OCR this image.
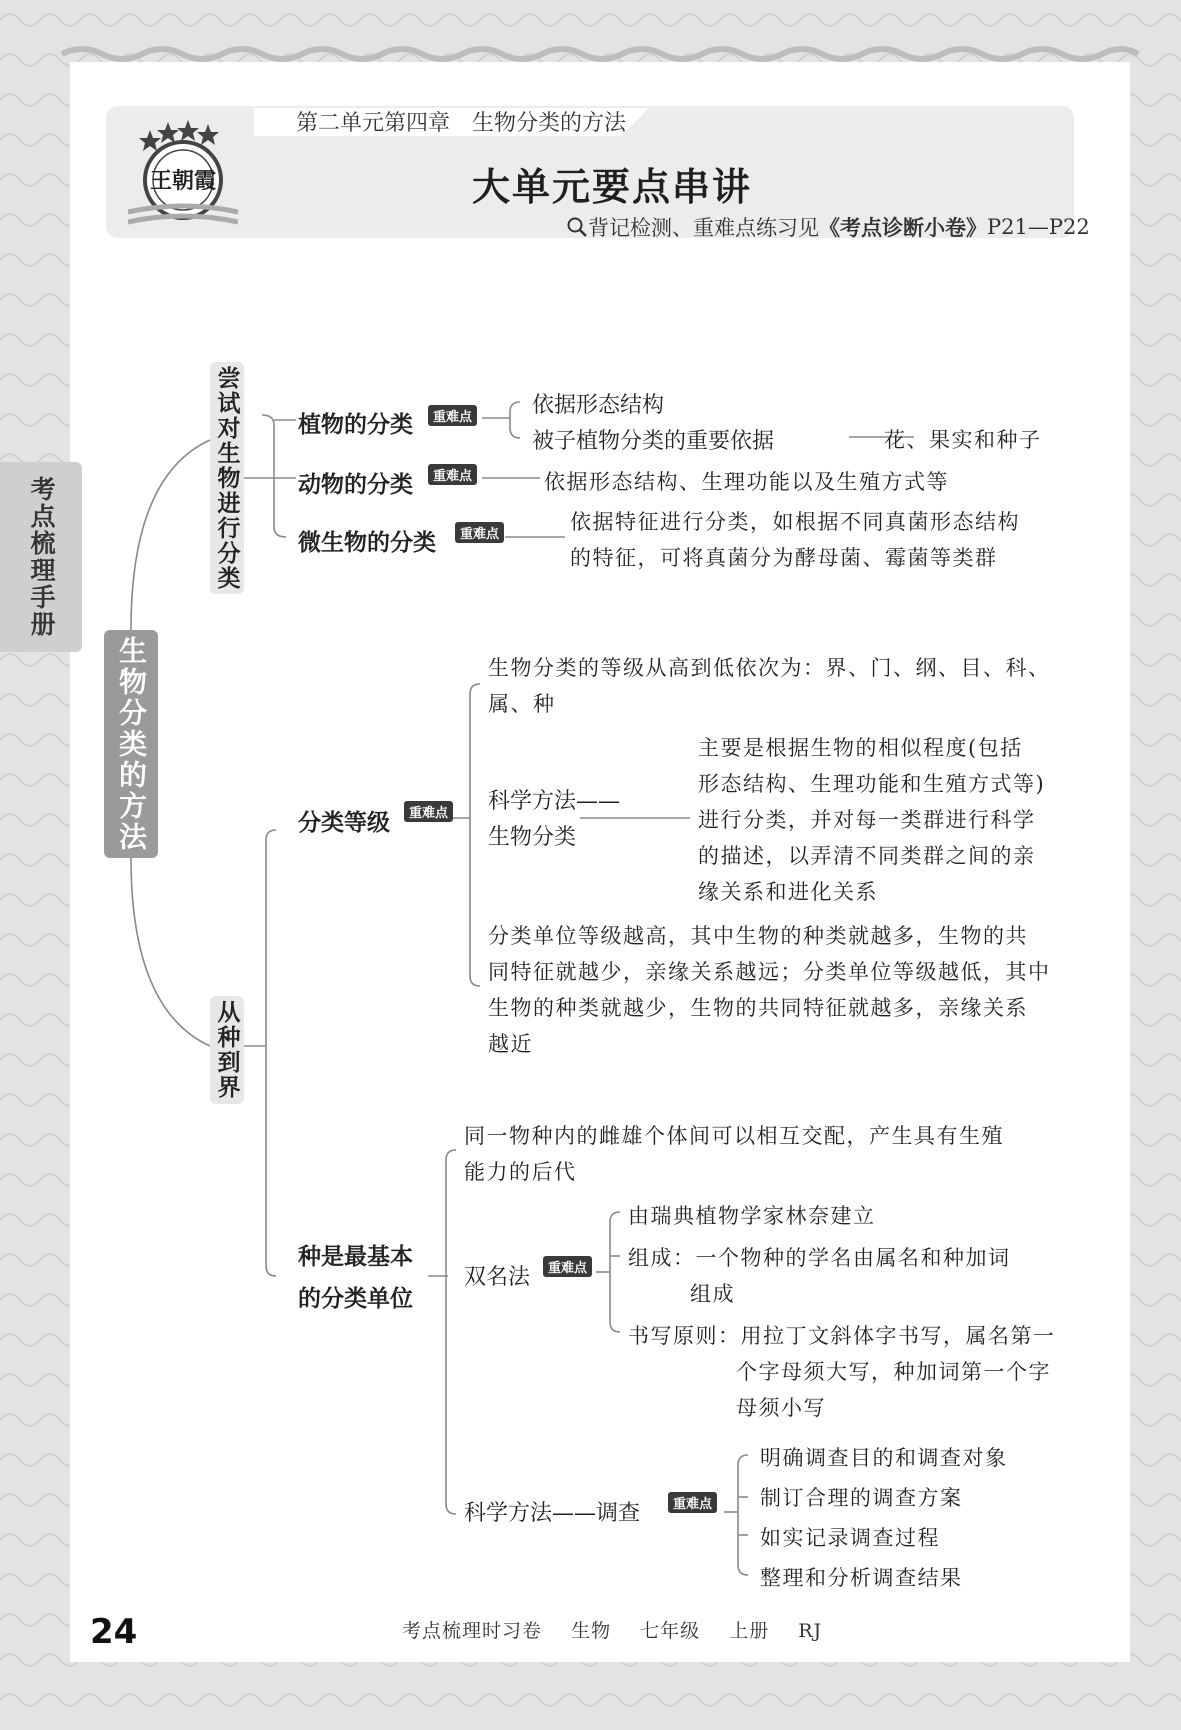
考点梳理手册
王朝霞
第二单元第四章　生物分类的方法
大单元要点串讲
背记检测、重难点练习见 《考点诊断小卷》 P21—P22
生物分类的方法
尝试对生物进行分类	植物的分类	重难点	依据形态结构
被子植物分类的重要依据	花、果实和种子
动物的分类	重难点	依据形态结构、生理功能以及生殖方式等
微生物的分类	重难点
依据特征进行分类，如根据不同真菌形态结构
的特征，可将真菌分为酵母菌、霉菌等类群
从种到界
分类等级	重难点
生物分类的等级从高到低依次为：界、门、纲、目、科、
属、种
科学方法——
生物分类
主要是根据生物的相似程度(包括
形态结构、生理功能和生殖方式等)
进行分类，并对每一类群进行科学
的描述，以弄清不同类群之间的亲
缘关系和进化关系
分类单位等级越高，其中生物的种类就越多，生物的共
同特征就越少，亲缘关系越远；分类单位等级越低，其中
生物的种类就越少，生物的共同特征就越多，亲缘关系
越近
种是最基本
的分类单位
同一物种内的雌雄个体间可以相互交配，产生具有生殖
能力的后代
双名法	重难点
由瑞典植物学家林奈建立
组成：一个物种的学名由属名和种加词
组成
书写原则：用拉丁文斜体字书写，属名第一
个字母须大写，种加词第一个字
母须小写
科学方法——调查	重难点
明确调查目的和调查对象
制订合理的调查方案
如实记录调查过程
整理和分析调查结果
24	考点梳理时习卷 生物 七年级 上册 RJ
